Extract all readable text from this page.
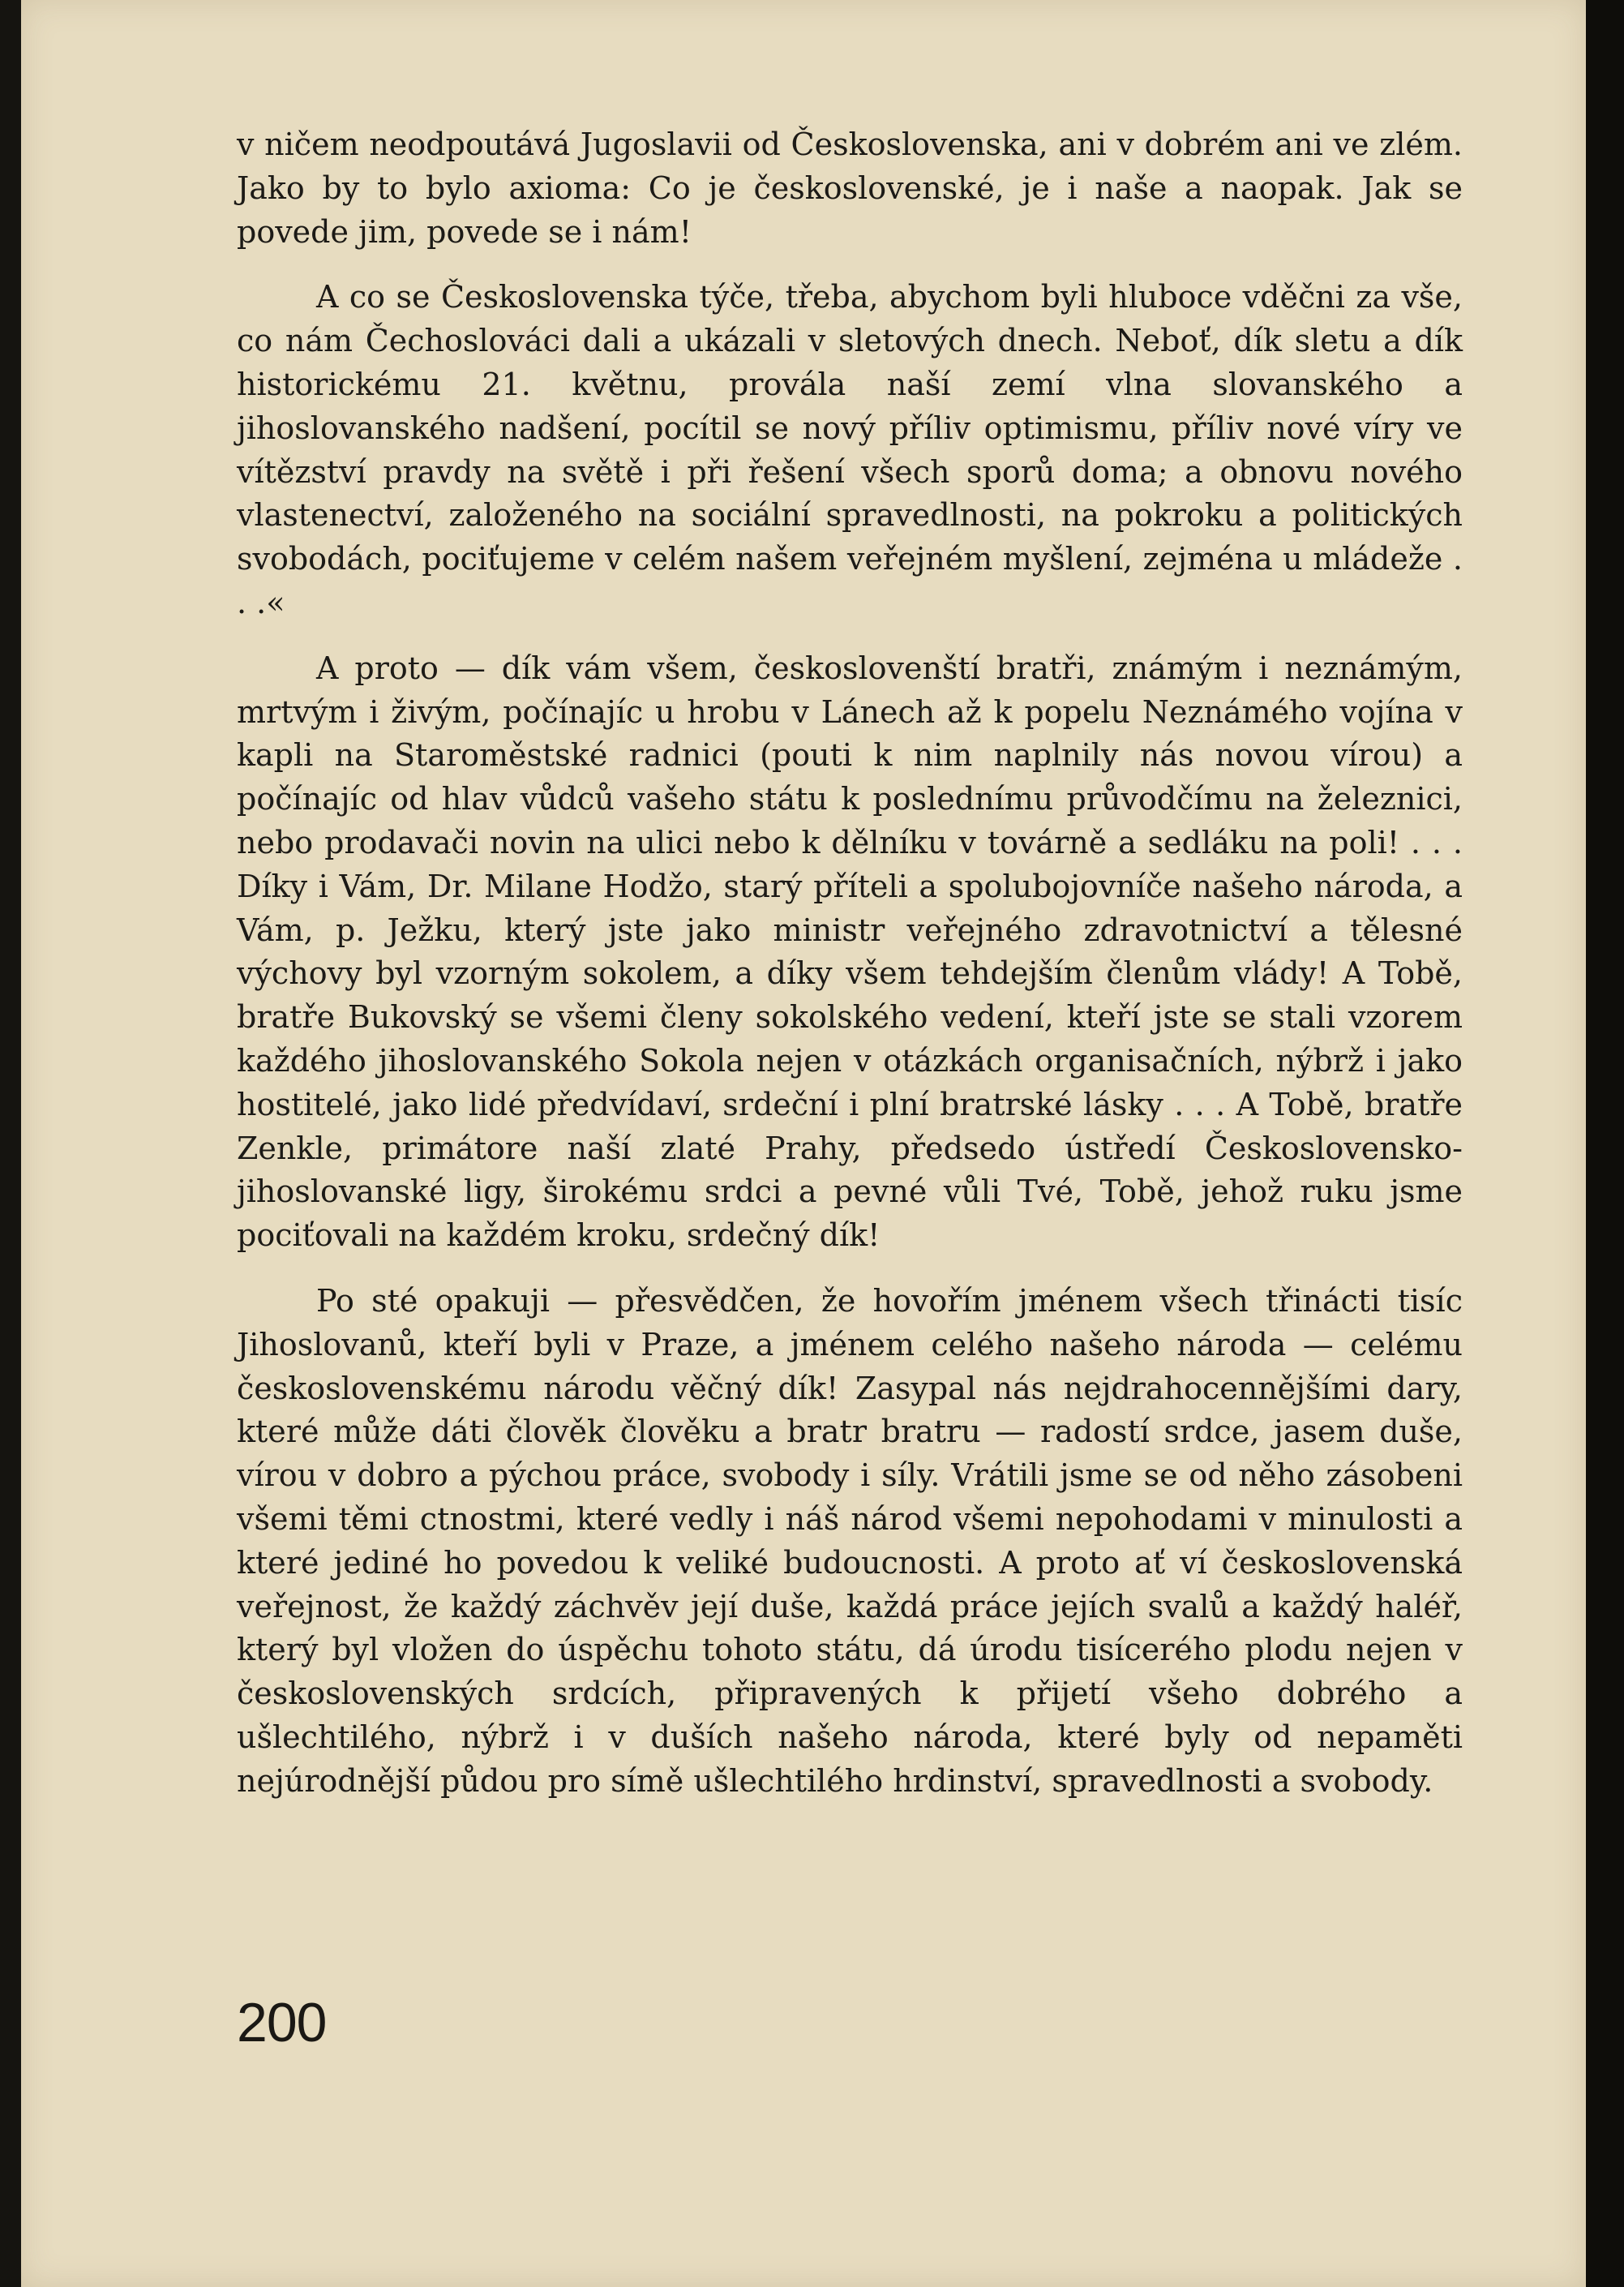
v ničem neodpoutává Jugoslavii od Československa, ani v dobrém ani ve zlém. Jako by to bylo axioma: Co je československé, je i naše a naopak. Jak se povede jim, povede se i nám!

A co se Československa týče, třeba, abychom byli hluboce vděčni za vše, co nám Čechoslováci dali a ukázali v sletových dnech. Neboť, dík sletu a dík historickému 21. květnu, provála naší zemí vlna slovanského a jihoslovanského nadšení, pocítil se nový příliv optimismu, příliv nové víry ve vítězství pravdy na světě i při řešení všech sporů doma; a obnovu nového vlastenectví, založeného na sociální spravedlnosti, na pokroku a politických svobodách, pociťujeme v celém našem veřejném myšlení, zejména u mládeže . . .«

A proto — dík vám všem, českoslovenští bratři, známým i neznámým, mrtvým i živým, počínajíc u hrobu v Lánech až k popelu Neznámého vojína v kapli na Staroměstské radnici (pouti k nim naplnily nás novou vírou) a počínajíc od hlav vůdců vašeho státu k poslednímu průvodčímu na železnici, nebo prodavači novin na ulici nebo k dělníku v továrně a sedláku na poli! . . . Díky i Vám, Dr. Milane Hodžo, starý příteli a spolubojovníče našeho národa, a Vám, p. Ježku, který jste jako ministr veřejného zdravotnictví a tělesné výchovy byl vzorným sokolem, a díky všem tehdejším členům vlády! A Tobě, bratře Bukovský se všemi členy sokolského vedení, kteří jste se stali vzorem každého jihoslovanského Sokola nejen v otázkách organisačních, nýbrž i jako hostitelé, jako lidé předvídaví, srdeční i plní bratrské lásky . . . A Tobě, bratře Zenkle, primátore naší zlaté Prahy, předsedo ústředí Československo-jihoslovanské ligy, širokému srdci a pevné vůli Tvé, Tobě, jehož ruku jsme pociťovali na každém kroku, srdečný dík!

Po sté opakuji — přesvědčen, že hovořím jménem všech třinácti tisíc Jihoslovanů, kteří byli v Praze, a jménem celého našeho národa — celému československému národu věčný dík! Zasypal nás nejdrahocennějšími dary, které může dáti člověk člověku a bratr bratru — radostí srdce, jasem duše, vírou v dobro a pýchou práce, svobody i síly. Vrátili jsme se od něho zásobeni všemi těmi ctnostmi, které vedly i náš národ všemi nepohodami v minulosti a které jediné ho povedou k veliké budoucnosti. A proto ať ví československá veřejnost, že každý záchvěv její duše, každá práce jejích svalů a každý haléř, který byl vložen do úspěchu tohoto státu, dá úrodu tisícerého plodu nejen v československých srdcích, připravených k přijetí všeho dobrého a ušlechtilého, nýbrž i v duších našeho národa, které byly od nepaměti nejúrodnější půdou pro símě ušlechtilého hrdinství, spravedlnosti a svobody.

200
